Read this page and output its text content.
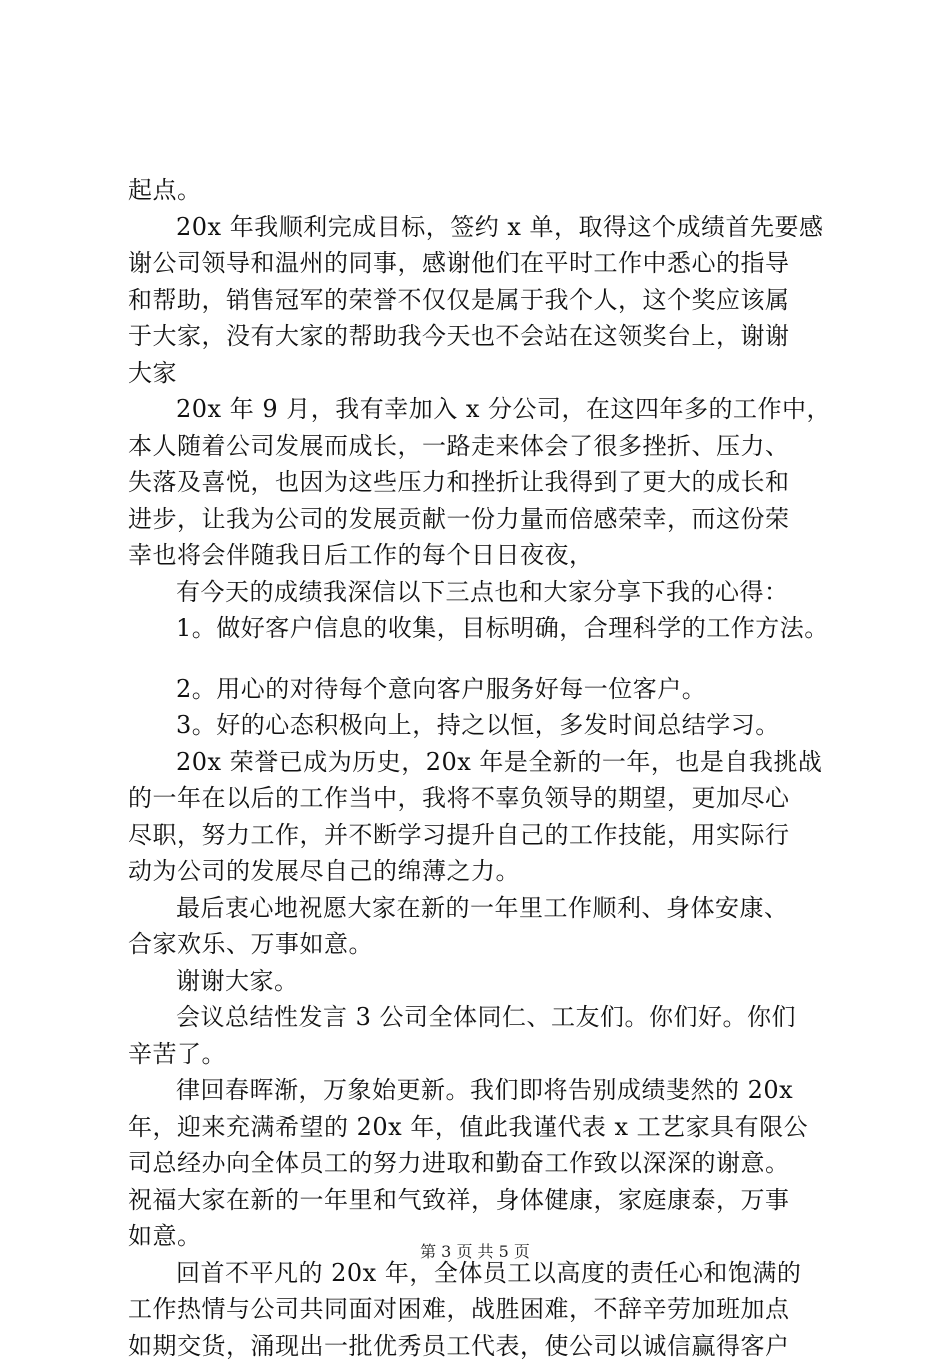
起点。
20x 年我顺利完成目标，签约 x 单，取得这个成绩首先要感
谢公司领导和温州的同事，感谢他们在平时工作中悉心的指导
和帮助，销售冠军的荣誉不仅仅是属于我个人，这个奖应该属
于大家，没有大家的帮助我今天也不会站在这领奖台上，谢谢
大家
20x 年 9 月，我有幸加入 x 分公司，在这四年多的工作中，
本人随着公司发展而成长，一路走来体会了很多挫折、压力、
失落及喜悦，也因为这些压力和挫折让我得到了更大的成长和
进步，让我为公司的发展贡献一份力量而倍感荣幸，而这份荣
幸也将会伴随我日后工作的每个日日夜夜，
有今天的成绩我深信以下三点也和大家分享下我的心得：
1。做好客户信息的收集，目标明确，合理科学的工作方法。
2。用心的对待每个意向客户服务好每一位客户。
3。好的心态积极向上，持之以恒，多发时间总结学习。
20x 荣誉已成为历史，20x 年是全新的一年，也是自我挑战
的一年在以后的工作当中，我将不辜负领导的期望，更加尽心
尽职，努力工作，并不断学习提升自己的工作技能，用实际行
动为公司的发展尽自己的绵薄之力。
最后衷心地祝愿大家在新的一年里工作顺利、身体安康、
合家欢乐、万事如意。
谢谢大家。
会议总结性发言 3 公司全体同仁、工友们。你们好。你们
辛苦了。
律回春晖渐，万象始更新。我们即将告别成绩斐然的 20x
年，迎来充满希望的 20x 年，值此我谨代表 x 工艺家具有限公
司总经办向全体员工的努力进取和勤奋工作致以深深的谢意。
祝福大家在新的一年里和气致祥，身体健康，家庭康泰，万事
如意。
回首不平凡的 20x 年，全体员工以高度的责任心和饱满的
工作热情与公司共同面对困难，战胜困难，不辞辛劳加班加点
如期交货，涌现出一批优秀员工代表，使公司以诚信赢得客户
第 3 页 共 5 页
